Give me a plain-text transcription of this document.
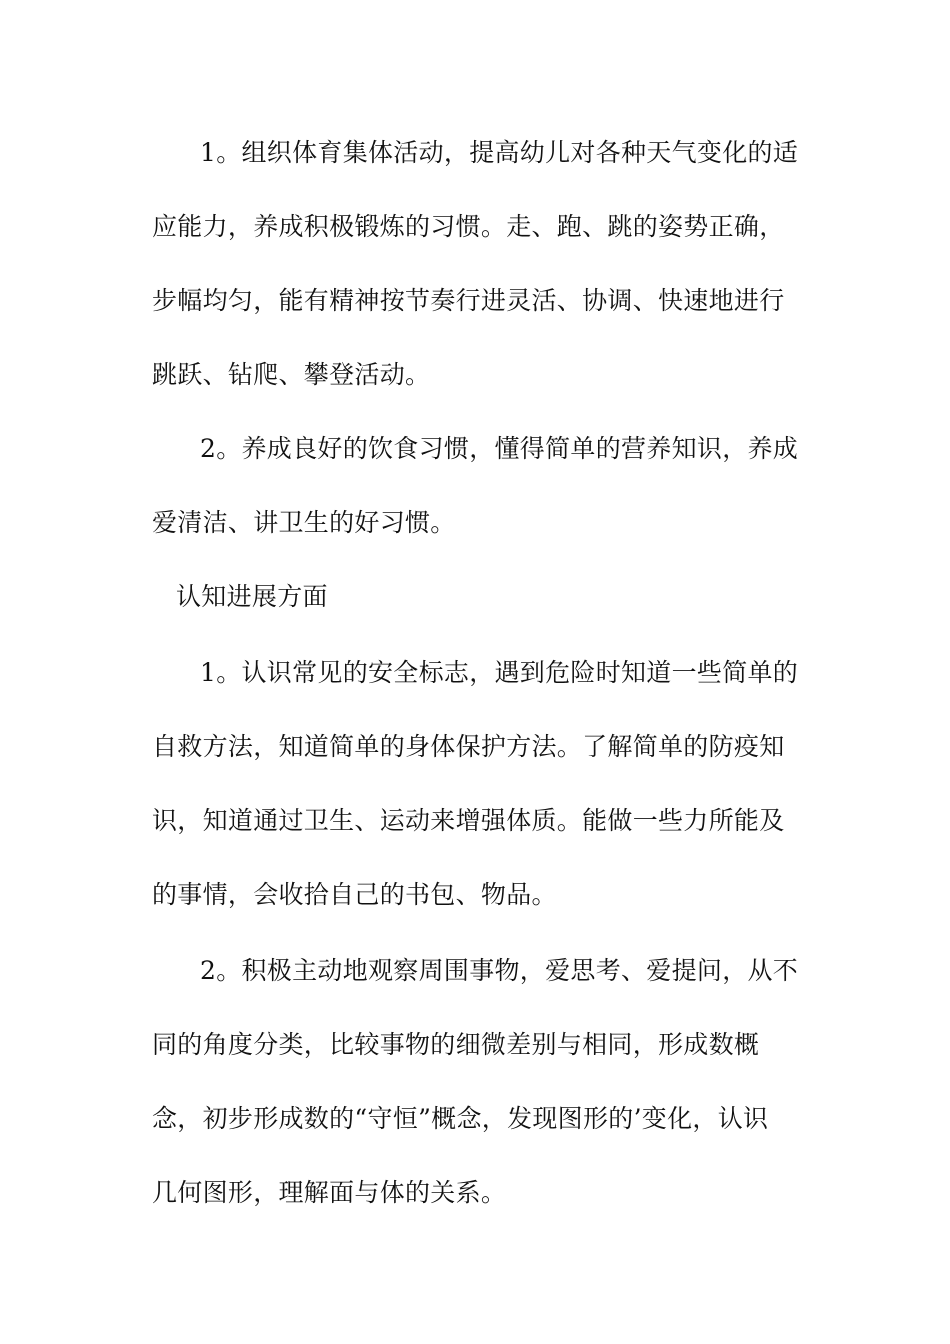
1。组织体育集体活动，提高幼儿对各种天气变化的适
应能力，养成积极锻炼的习惯。走、跑、跳的姿势正确，
步幅均匀，能有精神按节奏行进灵活、协调、快速地进行
跳跃、钻爬、攀登活动。
2。养成良好的饮食习惯，懂得简单的营养知识，养成
爱清洁、讲卫生的好习惯。
认知进展方面
1。认识常见的安全标志，遇到危险时知道一些简单的
自救方法，知道简单的身体保护方法。了解简单的防疫知
识，知道通过卫生、运动来增强体质。能做一些力所能及
的事情，会收拾自己的书包、物品。
2。积极主动地观察周围事物，爱思考、爱提问，从不
同的角度分类，比较事物的细微差别与相同，形成数概
念，初步形成数的“守恒”概念，发现图形的’变化，认识
几何图形，理解面与体的关系。
